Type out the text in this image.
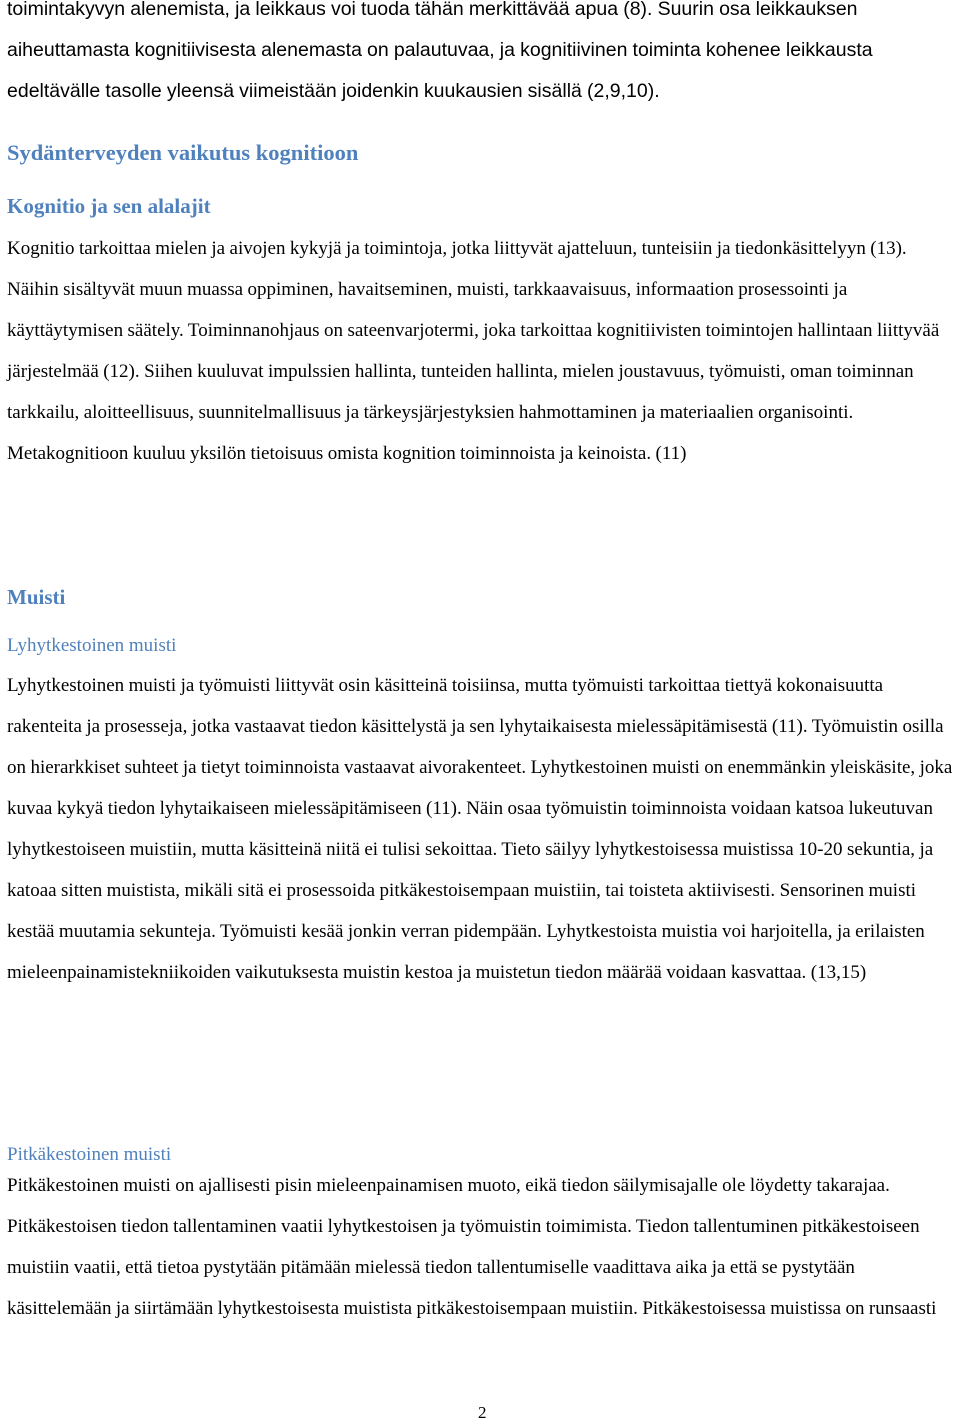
toimintakyvyn alenemista, ja leikkaus voi tuoda tähän merkittävää apua (8). Suurin osa leikkauksen aiheuttamasta kognitiivisesta alenemasta on palautuvaa, ja kognitiivinen toiminta kohenee leikkausta edeltävälle tasolle yleensä viimeistään joidenkin kuukausien sisällä (2,9,10).

Sydänterveyden vaikutus kognitioon
Kognitio ja sen alalajit

Kognitio tarkoittaa mielen ja aivojen kykyjä ja toimintoja, jotka liittyvät ajatteluun, tunteisiin ja tiedonkäsittelyyn (13). Näihin sisältyvät muun muassa oppiminen, havaitseminen, muisti, tarkkaavaisuus, informaation prosessointi ja käyttäytymisen säätely. Toiminnanohjaus on sateenvarjotermi, joka tarkoittaa kognitiivisten toimintojen hallintaan liittyvää järjestelmää (12). Siihen kuuluvat impulssien hallinta, tunteiden hallinta, mielen joustavuus, työmuisti, oman toiminnan tarkkailu, aloitteellisuus, suunnitelmallisuus ja tärkeysjärjestyksien hahmottaminen ja materiaalien organisointi. Metakognitioon kuuluu yksilön tietoisuus omista kognition toiminnoista ja keinoista. (11)

Muisti
Lyhytkestoinen muisti

Lyhytkestoinen muisti ja työmuisti liittyvät osin käsitteinä toisiinsa, mutta työmuisti tarkoittaa tiettyä kokonaisuutta rakenteita ja prosesseja, jotka vastaavat tiedon käsittelystä ja sen lyhytaikaisesta mielessäpitämisestä (11). Työmuistin osilla on hierarkkiset suhteet ja tietyt toiminnoista vastaavat aivorakenteet. Lyhytkestoinen muisti on enemmänkin yleiskäsite, joka kuvaa kykyä tiedon lyhytaikaiseen mielessäpitämiseen (11). Näin osaa työmuistin toiminnoista voidaan katsoa lukeutuvan lyhytkestoiseen muistiin, mutta käsitteinä niitä ei tulisi sekoittaa. Tieto säilyy lyhytkestoisessa muistissa 10-20 sekuntia, ja katoaa sitten muistista, mikäli sitä ei prosessoida pitkäkestoisempaan muistiin, tai toisteta aktiivisesti. Sensorinen muisti kestää muutamia sekunteja. Työmuisti kesää jonkin verran pidempään. Lyhytkestoista muistia voi harjoitella, ja erilaisten mieleenpainamistekniikoiden vaikutuksesta muistin kestoa ja muistetun tiedon määrää voidaan kasvattaa. (13,15)

Pitkäkestoinen muisti

Pitkäkestoinen muisti on ajallisesti pisin mieleenpainamisen muoto, eikä tiedon säilymisajalle ole löydetty takarajaa. Pitkäkestoisen tiedon tallentaminen vaatii lyhytkestoisen ja työmuistin toimimista. Tiedon tallentuminen pitkäkestoiseen muistiin vaatii, että tietoa pystytään pitämään mielessä tiedon tallentumiselle vaadittava aika ja että se pystytään käsittelemään ja siirtämään lyhytkestoisesta muistista pitkäkestoisempaan muistiin. Pitkäkestoisessa muistissa on runsaasti

2
